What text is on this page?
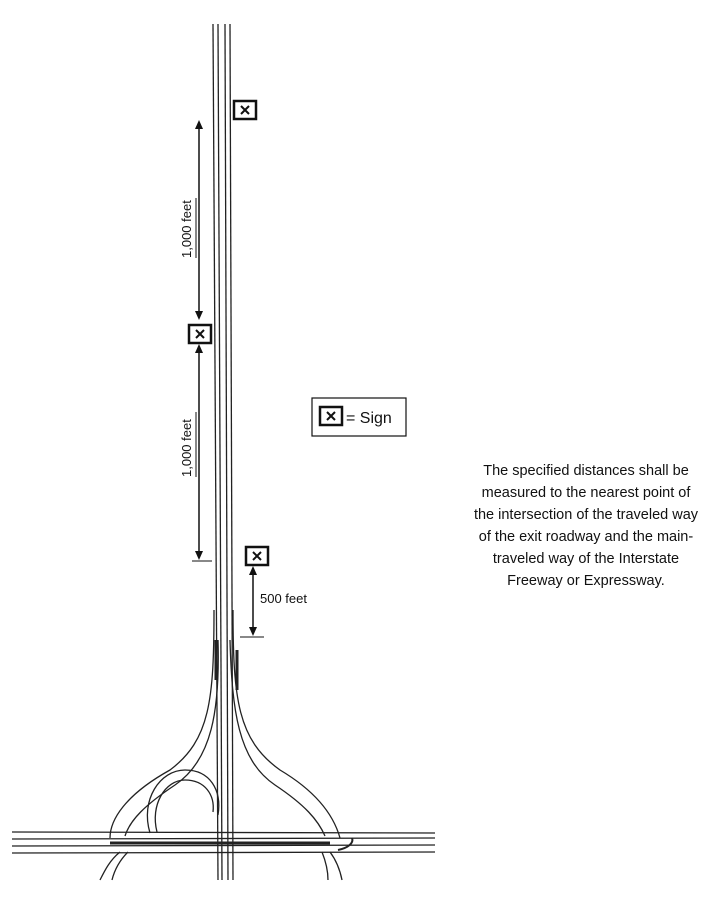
1,000 feet
1,000 feet
500 feet
= Sign
The specified distances shall be measured to the nearest point of the intersection of the traveled way of the exit roadway and the main-traveled way of the Interstate Freeway or Expressway.
